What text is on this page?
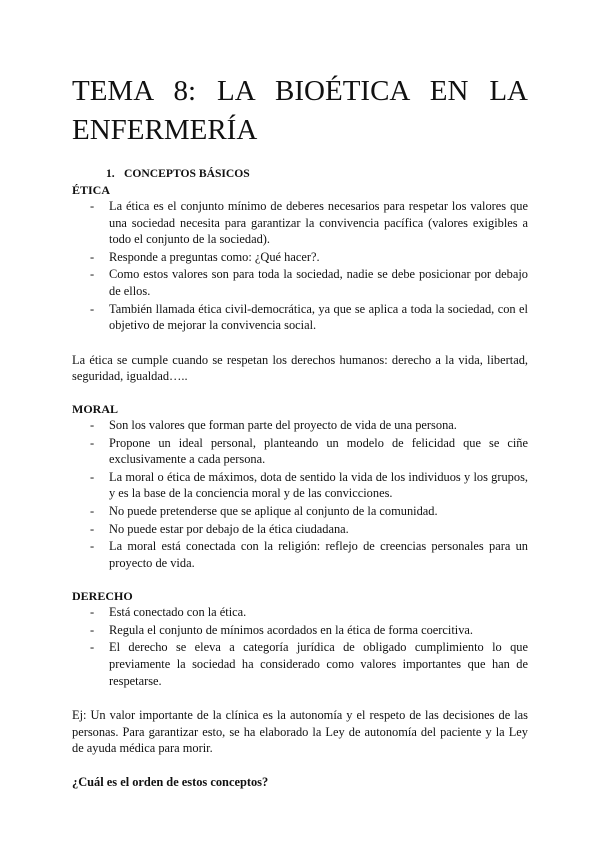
TEMA 8: LA BIOÉTICA EN LA
ENFERMERÍA
1. CONCEPTOS BÁSICOS
ÉTICA
- La ética es el conjunto mínimo de deberes necesarios para respetar los valores que una sociedad necesita para garantizar la convivencia pacífica (valores exigibles a todo el conjunto de la sociedad).
- Responde a preguntas como: ¿Qué hacer?.
- Como estos valores son para toda la sociedad, nadie se debe posicionar por debajo de ellos.
- También llamada ética civil-democrática, ya que se aplica a toda la sociedad, con el objetivo de mejorar la convivencia social.

La ética se cumple cuando se respetan los derechos humanos: derecho a la vida, libertad, seguridad, igualdad…..

MORAL
- Son los valores que forman parte del proyecto de vida de una persona.
- Propone un ideal personal, planteando un modelo de felicidad que se ciñe exclusivamente a cada persona.
- La moral o ética de máximos, dota de sentido la vida de los individuos y los grupos, y es la base de la conciencia moral y de las convicciones.
- No puede pretenderse que se aplique al conjunto de la comunidad.
- No puede estar por debajo de la ética ciudadana.
- La moral está conectada con la religión: reflejo de creencias personales para un proyecto de vida.
DERECHO
- Está conectado con la ética.
- Regula el conjunto de mínimos acordados en la ética de forma coercitiva.
- El derecho se eleva a categoría jurídica de obligado cumplimiento lo que previamente la sociedad ha considerado como valores importantes que han de respetarse.

Ej: Un valor importante de la clínica es la autonomía y el respeto de las decisiones de las personas. Para garantizar esto, se ha elaborado la Ley de autonomía del paciente y la Ley de ayuda médica para morir.

¿Cuál es el orden de estos conceptos?
